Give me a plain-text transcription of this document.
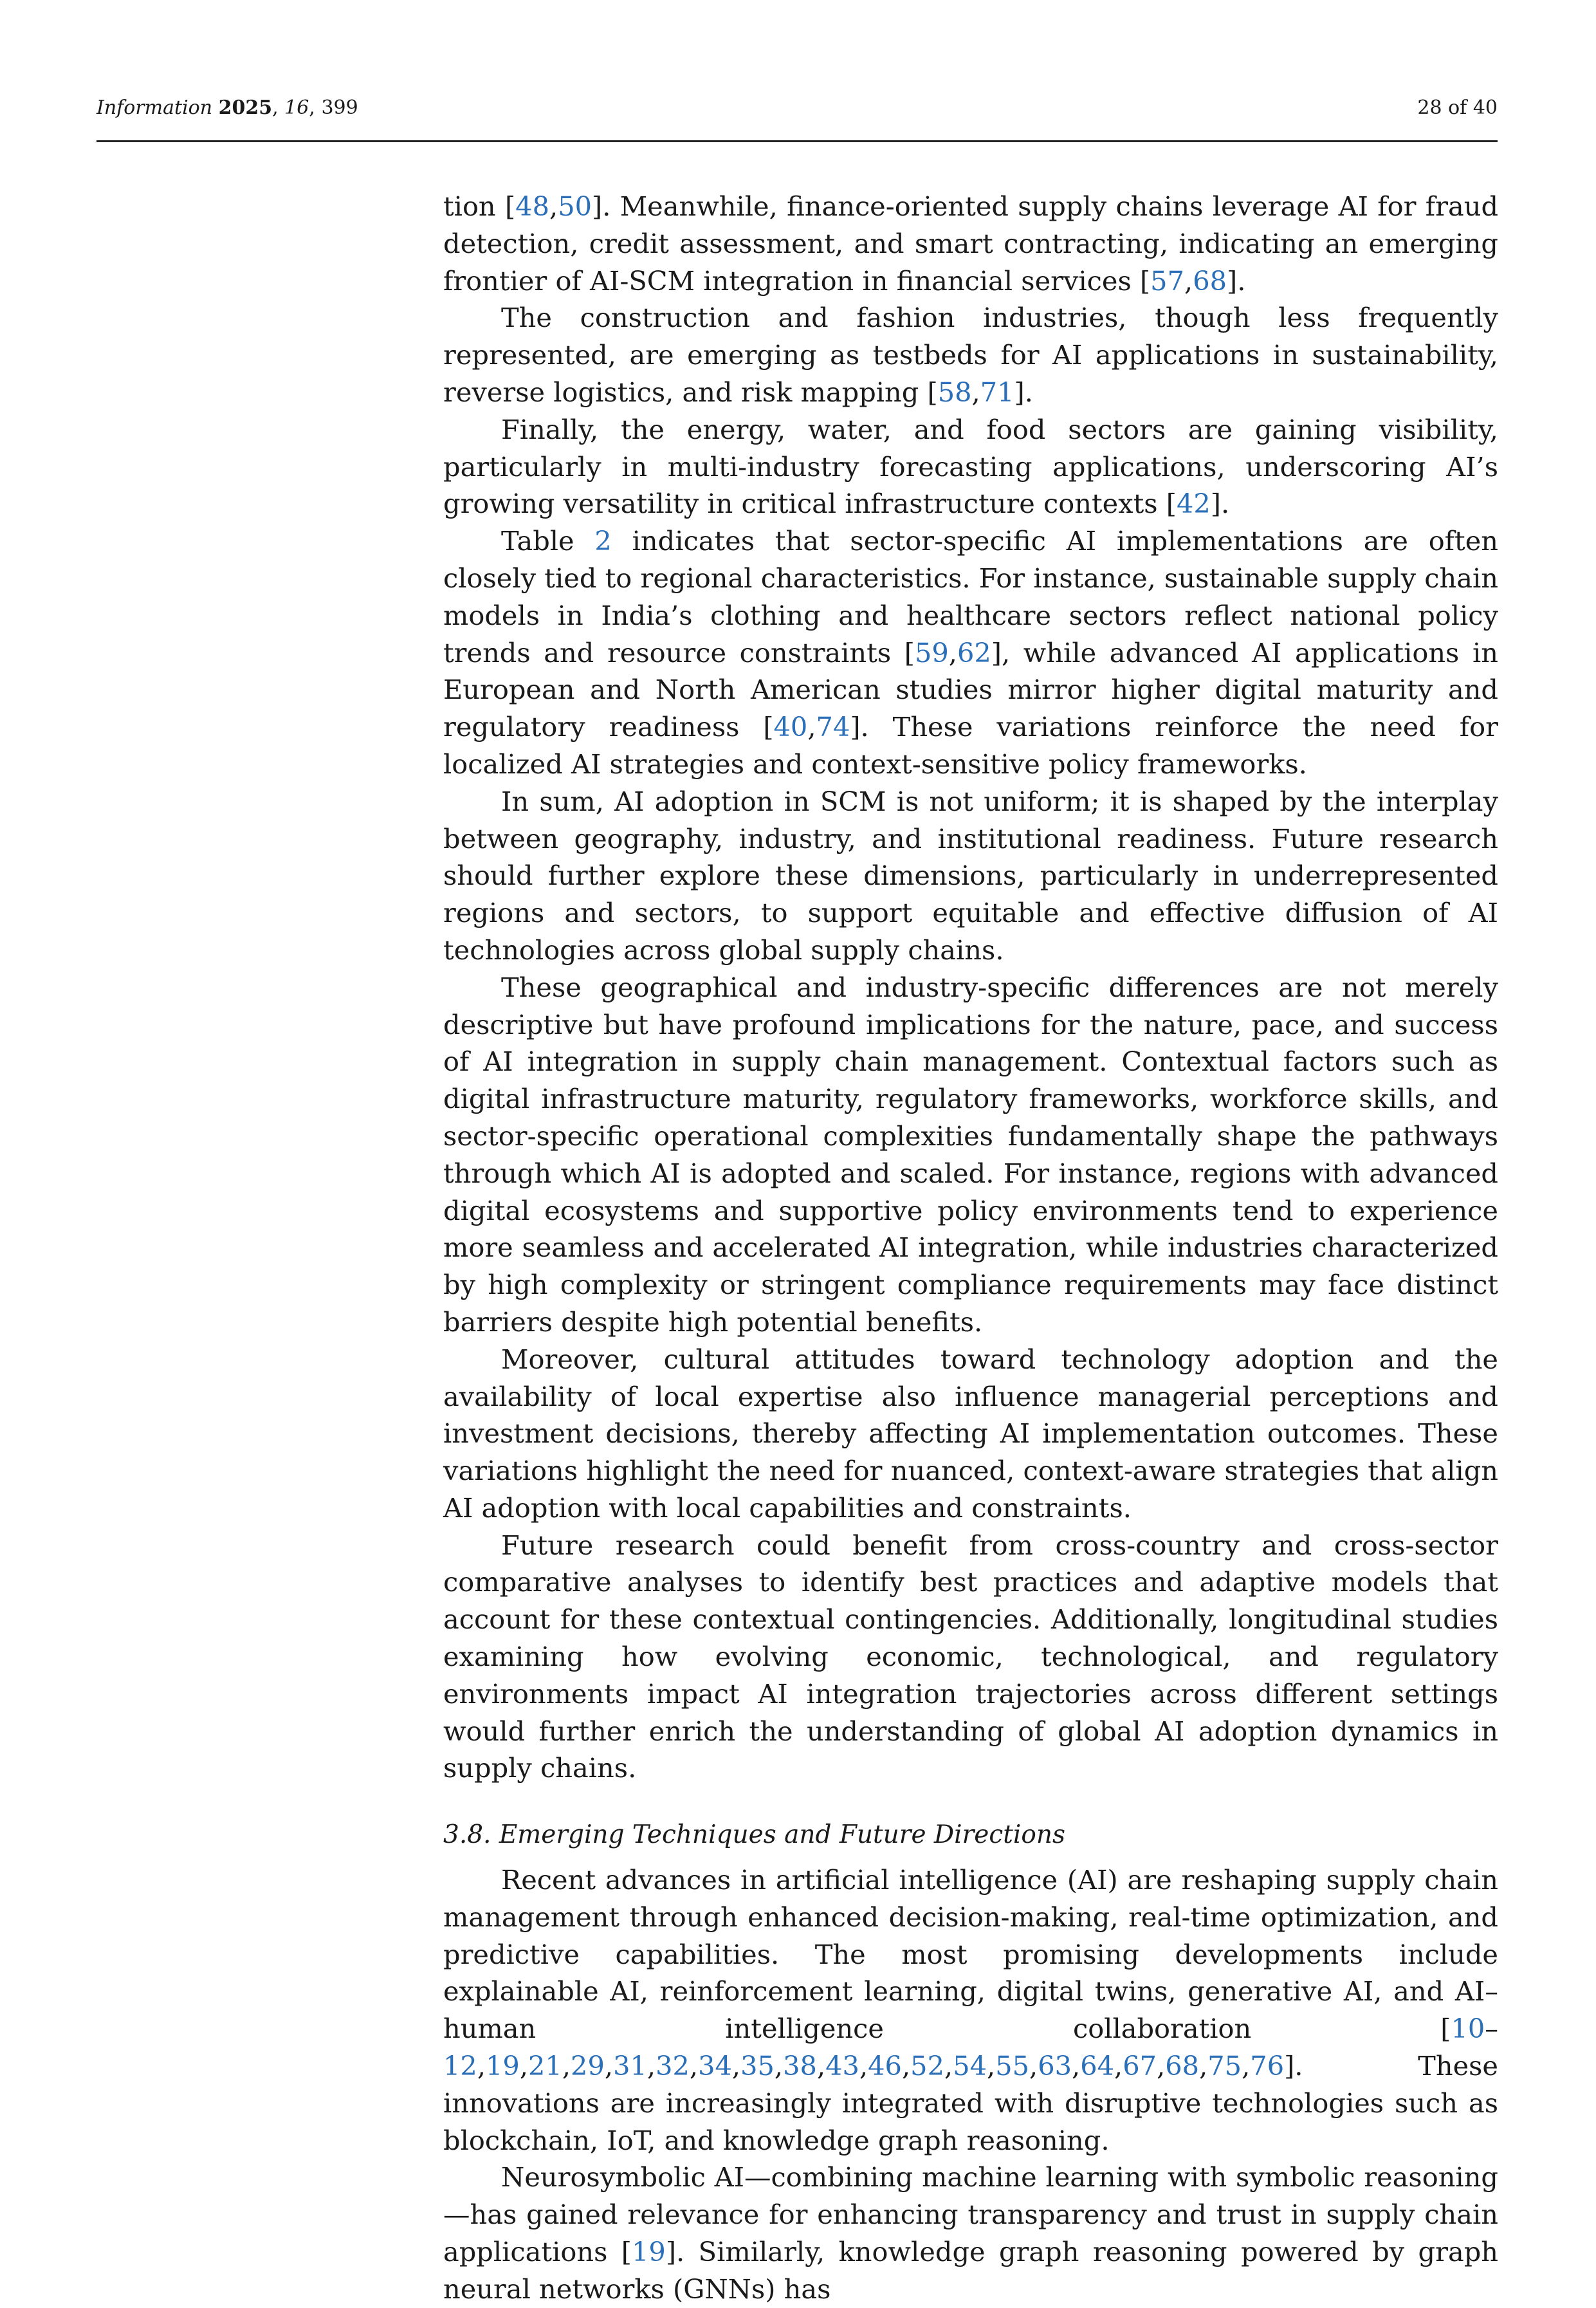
Information 2025, 16, 399	28 of 40

tion [48,50]. Meanwhile, finance-oriented supply chains leverage AI for fraud detection, credit assessment, and smart contracting, indicating an emerging frontier of AI-SCM integration in financial services [57,68].

The construction and fashion industries, though less frequently represented, are emerging as testbeds for AI applications in sustainability, reverse logistics, and risk mapping [58,71].

Finally, the energy, water, and food sectors are gaining visibility, particularly in multi-industry forecasting applications, underscoring AI’s growing versatility in critical infrastructure contexts [42].

Table 2 indicates that sector-specific AI implementations are often closely tied to regional characteristics. For instance, sustainable supply chain models in India’s clothing and healthcare sectors reflect national policy trends and resource constraints [59,62], while advanced AI applications in European and North American studies mirror higher digital maturity and regulatory readiness [40,74]. These variations reinforce the need for localized AI strategies and context-sensitive policy frameworks.

In sum, AI adoption in SCM is not uniform; it is shaped by the interplay between geography, industry, and institutional readiness. Future research should further explore these dimensions, particularly in underrepresented regions and sectors, to support equitable and effective diffusion of AI technologies across global supply chains.

These geographical and industry-specific differences are not merely descriptive but have profound implications for the nature, pace, and success of AI integration in supply chain management. Contextual factors such as digital infrastructure maturity, regulatory frameworks, workforce skills, and sector-specific operational complexities fundamentally shape the pathways through which AI is adopted and scaled. For instance, regions with advanced digital ecosystems and supportive policy environments tend to experience more seamless and accelerated AI integration, while industries characterized by high complexity or stringent compliance requirements may face distinct barriers despite high potential benefits.

Moreover, cultural attitudes toward technology adoption and the availability of local expertise also influence managerial perceptions and investment decisions, thereby affecting AI implementation outcomes. These variations highlight the need for nuanced, context-aware strategies that align AI adoption with local capabilities and constraints.

Future research could benefit from cross-country and cross-sector comparative analyses to identify best practices and adaptive models that account for these contextual contingencies. Additionally, longitudinal studies examining how evolving economic, technological, and regulatory environments impact AI integration trajectories across different settings would further enrich the understanding of global AI adoption dynamics in supply chains.

3.8. Emerging Techniques and Future Directions

Recent advances in artificial intelligence (AI) are reshaping supply chain management through enhanced decision-making, real-time optimization, and predictive capabilities. The most promising developments include explainable AI, reinforcement learning, digital twins, generative AI, and AI–human intelligence collaboration [10–12,19,21,29,31,32,34,35,38,43,46,52,54,55,63,64,67,68,75,76]. These innovations are increasingly integrated with disruptive technologies such as blockchain, IoT, and knowledge graph reasoning.

Neurosymbolic AI—combining machine learning with symbolic reasoning—has gained relevance for enhancing transparency and trust in supply chain applications [19]. Similarly, knowledge graph reasoning powered by graph neural networks (GNNs) has
